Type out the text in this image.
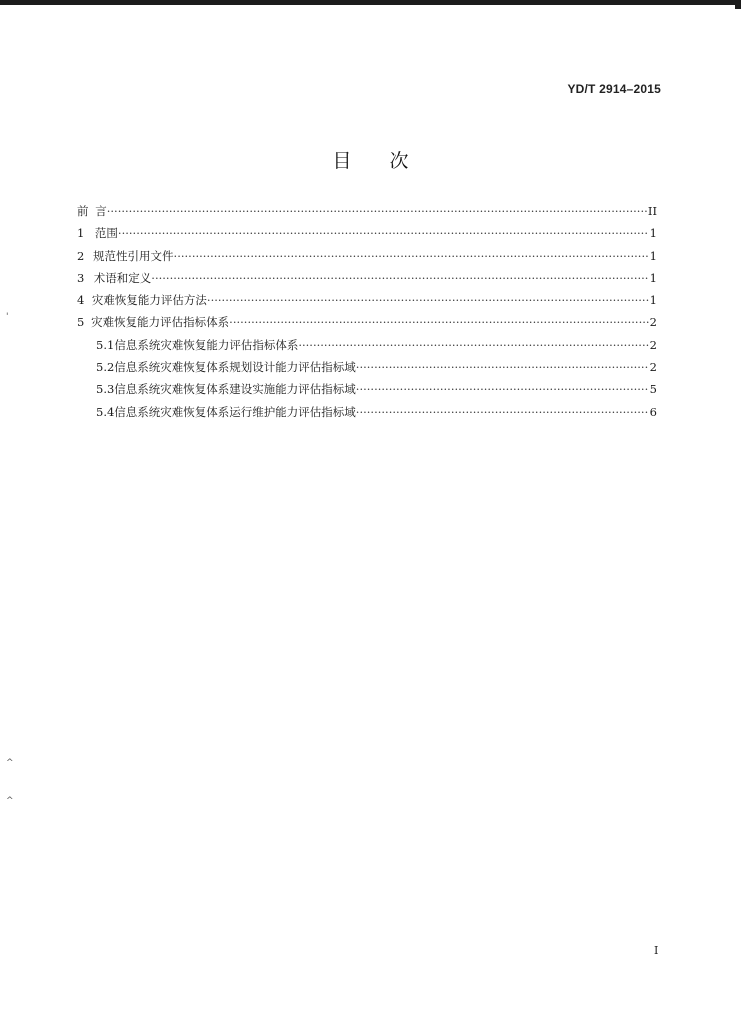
YD/T 2914–2015
目次
前 言 ·····	II
1 范围 ·····	1
2 规范性引用文件 ·····	1
3 术语和定义 ·····	1
4 灾难恢复能力评估方法 ·····	1
5 灾难恢复能力评估指标体系 ·····	2
5.1 信息系统灾难恢复能力评估指标体系 ·····	2
5.2 信息系统灾难恢复体系规划设计能力评估指标域 ·····	2
5.3 信息系统灾难恢复体系建设实施能力评估指标域 ·····	5
5.4 信息系统灾难恢复体系运行维护能力评估指标域 ·····	6
'
^
^
I
